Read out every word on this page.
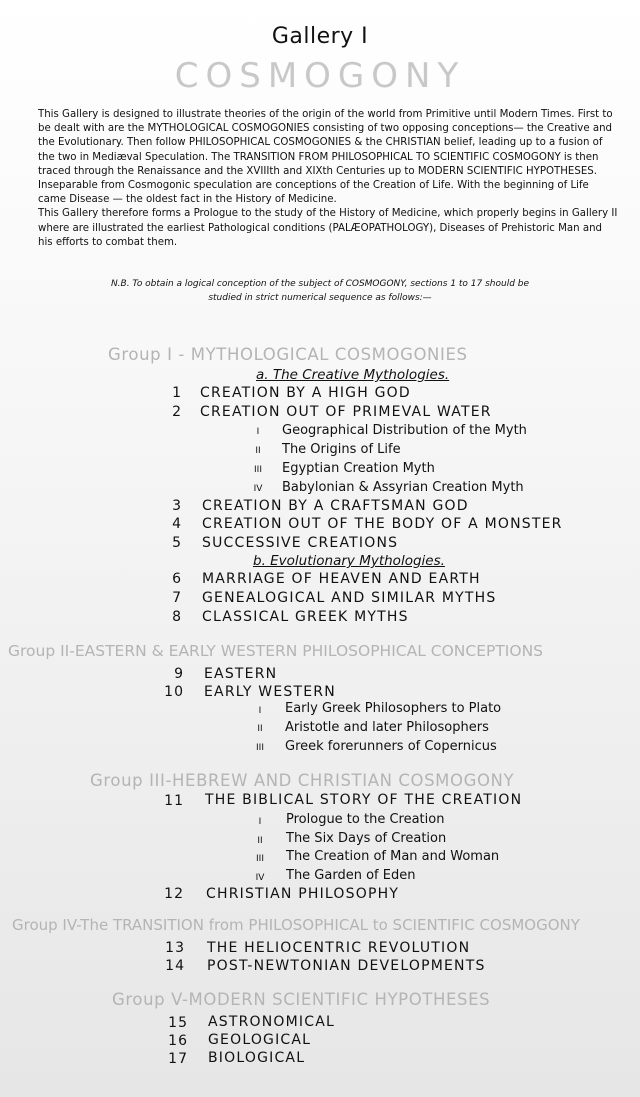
Gallery I
COSMOGONY

This Gallery is designed to illustrate theories of the origin of the world from Primitive until Modern Times. First to be dealt with are the MYTHOLOGICAL COSMOGONIES consisting of two opposing conceptions— the Creative and the Evolutionary. Then follow PHILOSOPHICAL COSMOGONIES & the CHRISTIAN belief, leading up to a fusion of the two in Mediæval Speculation. The TRANSITION FROM PHILOSOPHICAL TO SCIENTIFIC COSMOGONY is then traced through the Renaissance and the XVIIIth and XIXth Centuries up to MODERN SCIENTIFIC HYPOTHESES.

Inseparable from Cosmogonic speculation are conceptions of the Creation of Life. With the beginning of Life came Disease — the oldest fact in the History of Medicine.

This Gallery therefore forms a Prologue to the study of the History of Medicine, which properly begins in Gallery II where are illustrated the earliest Pathological conditions (PALÆOPATHOLOGY), Diseases of Prehistoric Man and his efforts to combat them.

N.B. To obtain a logical conception of the subject of COSMOGONY, sections 1 to 17 should be
studied in strict numerical sequence as follows:—
Group I - MYTHOLOGICAL COSMOGONIES
a. The Creative Mythologies.
1 CREATION BY A HIGH GOD
2 CREATION OUT OF PRIMEVAL WATER
I	Geographical Distribution of the Myth
II	The Origins of Life
III	Egyptian Creation Myth
IV	Babylonian & Assyrian Creation Myth
3 CREATION BY A CRAFTSMAN GOD
4 CREATION OUT OF THE BODY OF A MONSTER
5 SUCCESSIVE CREATIONS
b. Evolutionary Mythologies.
6 MARRIAGE OF HEAVEN AND EARTH
7 GENEALOGICAL AND SIMILAR MYTHS
8 CLASSICAL GREEK MYTHS
Group II-EASTERN & EARLY WESTERN PHILOSOPHICAL CONCEPTIONS
9 EASTERN
10 EARLY WESTERN
I	Early Greek Philosophers to Plato
II	Aristotle and later Philosophers
III	Greek forerunners of Copernicus
Group III-HEBREW AND CHRISTIAN COSMOGONY
11 THE BIBLICAL STORY OF THE CREATION
I	Prologue to the Creation
II	The Six Days of Creation
III	The Creation of Man and Woman
IV	The Garden of Eden
12 CHRISTIAN PHILOSOPHY
Group IV-The TRANSITION from PHILOSOPHICAL to SCIENTIFIC COSMOGONY
13 THE HELIOCENTRIC REVOLUTION
14 POST-NEWTONIAN DEVELOPMENTS
Group V-MODERN SCIENTIFIC HYPOTHESES
15 ASTRONOMICAL
16 GEOLOGICAL
17 BIOLOGICAL
